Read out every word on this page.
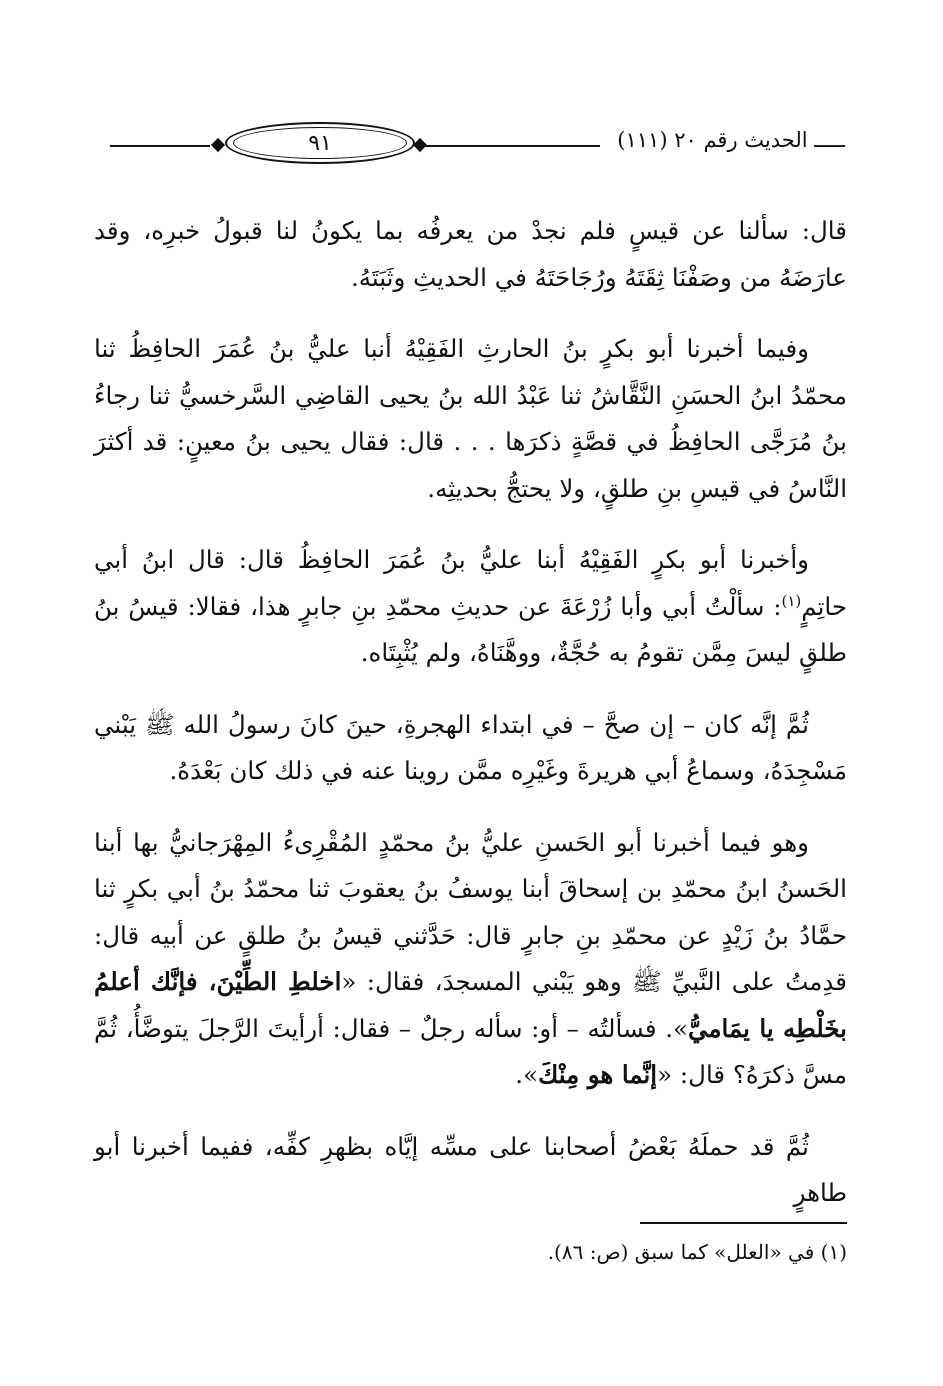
٩١	ـــــ الحديث رقم ٢٠ (١١١)

قال: سألنا عن قيسٍ فلم نجدْ من يعرفُه بما يكونُ لنا قبولُ خبرِه، وقد عارَضَهُ من وصَفْنَا ثِقَتَهُ ورُجَاحَتَهُ في الحديثِ وثَبَتَهُ.

وفيما أخبرنا أبو بكرٍ بنُ الحارثِ الفَقِيْهُ أنبا عليُّ بنُ عُمَرَ الحافِظُ ثنا محمّدُ ابنُ الحسَنِ النَّقَّاشُ ثنا عَبْدُ الله بنُ يحيى القاضِي السَّرخسيُّ ثنا رجاءُ بنُ مُرَجَّى الحافِظُ في قصَّةٍ ذكرَها . . . قال: فقال يحيى بنُ معينٍ: قد أكثرَ النَّاسُ في قيسِ بنِ طلقٍ، ولا يحتجُّ بحديثِه.

وأخبرنا أبو بكرٍ الفَقِيْهُ أبنا عليُّ بنُ عُمَرَ الحافِظُ قال: قال ابنُ أبي حاتِمٍ$^{(١)}$: سألْتُ أبي وأبا زُرْعَةَ عن حديثِ محمّدِ بنِ جابرٍ هذا، فقالا: قيسُ بنُ طلقٍ ليسَ مِمَّن تقومُ به حُجَّةٌ، ووهَّنَاهُ، ولم يُثْبِتَاه.

ثُمَّ إنَّه كان – إن صحَّ – في ابتداء الهجرةِ، حينَ كانَ رسولُ الله ﷺ يَبْني مَسْجِدَهُ، وسماعُ أبي هريرةَ وغَيْرِه ممَّن روينا عنه في ذلك كان بَعْدَهُ.

وهو فيما أخبرنا أبو الحَسنِ عليُّ بنُ محمّدٍ المُقْرِىءُ المِهْرَجانيُّ بها أبنا الحَسنُ ابنُ محمّدِ بن إسحاقَ أبنا يوسفُ بنُ يعقوبَ ثنا محمّدُ بنُ أبي بكرٍ ثنا حمَّادُ بنُ زَيْدٍ عن محمّدِ بنِ جابرٍ قال: حَدَّثني قيسُ بنُ طلقٍ عن أبيه قال: قدِمتُ على النَّبيِّ ﷺ وهو يَبْني المسجدَ، فقال: «اخلطِ الطِّيْنَ، فإنَّك أعلمُ بخَلْطِه يا يمَاميُّ». فسألتُه – أو: سأله رجلٌ – فقال: أرأيتَ الرَّجلَ يتوضَّأُ، ثُمَّ مسَّ ذكرَهُ؟ قال: «إنَّما هو مِنْكَ».

ثُمَّ قد حملَهُ بَعْضُ أصحابنا على مسِّه إيَّاه بظهرِ كفِّه، ففيما أخبرنا أبو طاهرٍ

(١) في «العلل» كما سبق (ص: ٨٦).
